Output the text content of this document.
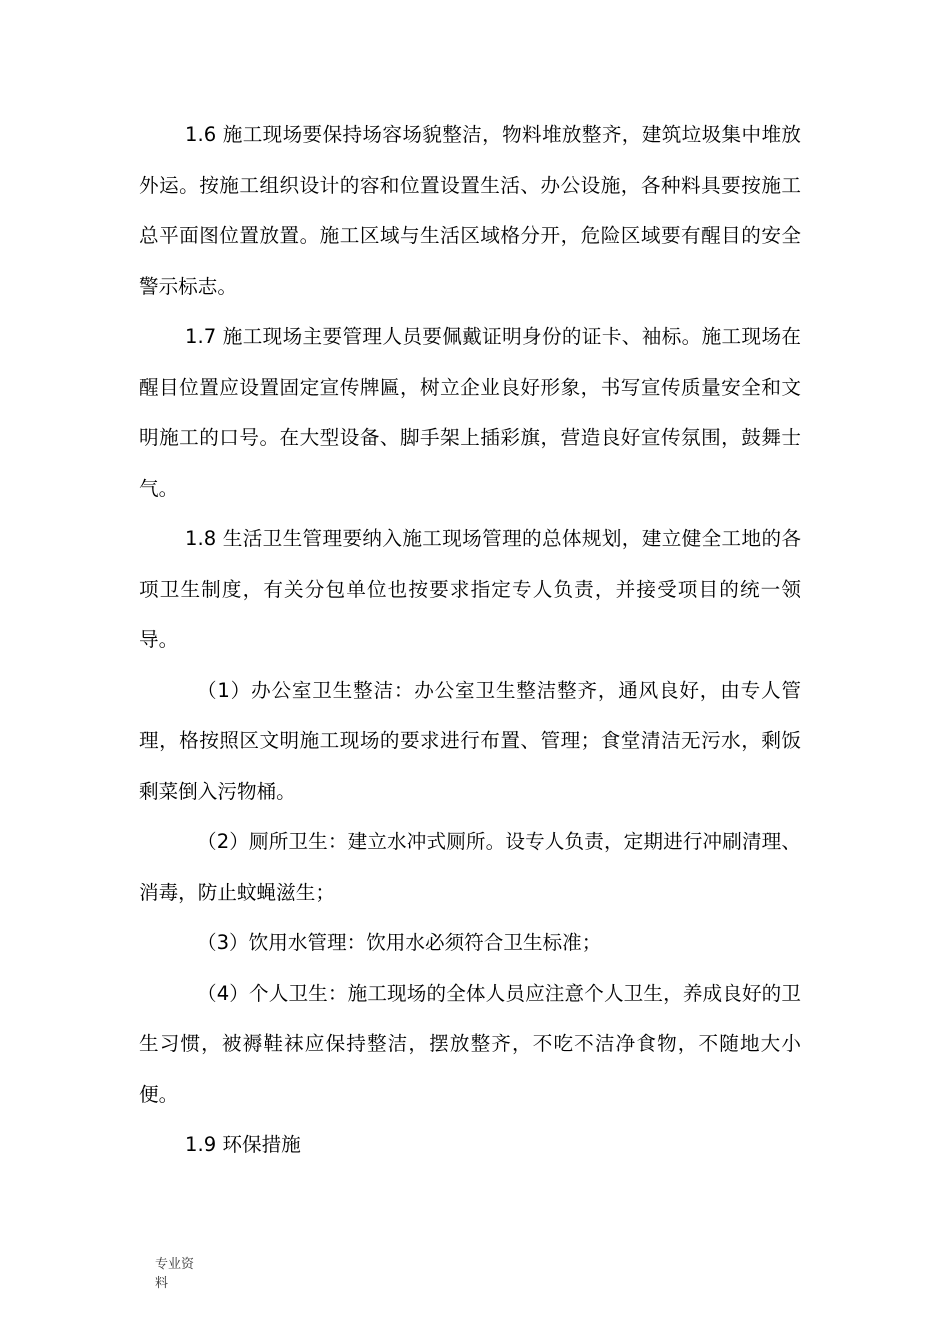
1.6 施工现场要保持场容场貌整洁，物料堆放整齐，建筑垃圾集中堆放外运。按施工组织设计的容和位置设置生活、办公设施，各种料具要按施工总平面图位置放置。施工区域与生活区域格分开，危险区域要有醒目的安全警示标志。

1.7 施工现场主要管理人员要佩戴证明身份的证卡、袖标。施工现场在醒目位置应设置固定宣传牌匾，树立企业良好形象，书写宣传质量安全和文明施工的口号。在大型设备、脚手架上插彩旗，营造良好宣传氛围，鼓舞士气。

1.8 生活卫生管理要纳入施工现场管理的总体规划，建立健全工地的各项卫生制度，有关分包单位也按要求指定专人负责，并接受项目的统一领导。

（1）办公室卫生整洁：办公室卫生整洁整齐，通风良好，由专人管理，格按照区文明施工现场的要求进行布置、管理；食堂清洁无污水，剩饭剩菜倒入污物桶。

（2）厕所卫生：建立水冲式厕所。设专人负责，定期进行冲刷清理、消毒，防止蚊蝇滋生；

（3）饮用水管理：饮用水必须符合卫生标准；

（4）个人卫生：施工现场的全体人员应注意个人卫生，养成良好的卫生习惯，被褥鞋袜应保持整洁，摆放整齐，不吃不洁净食物，不随地大小便。

1.9 环保措施

专业资料
